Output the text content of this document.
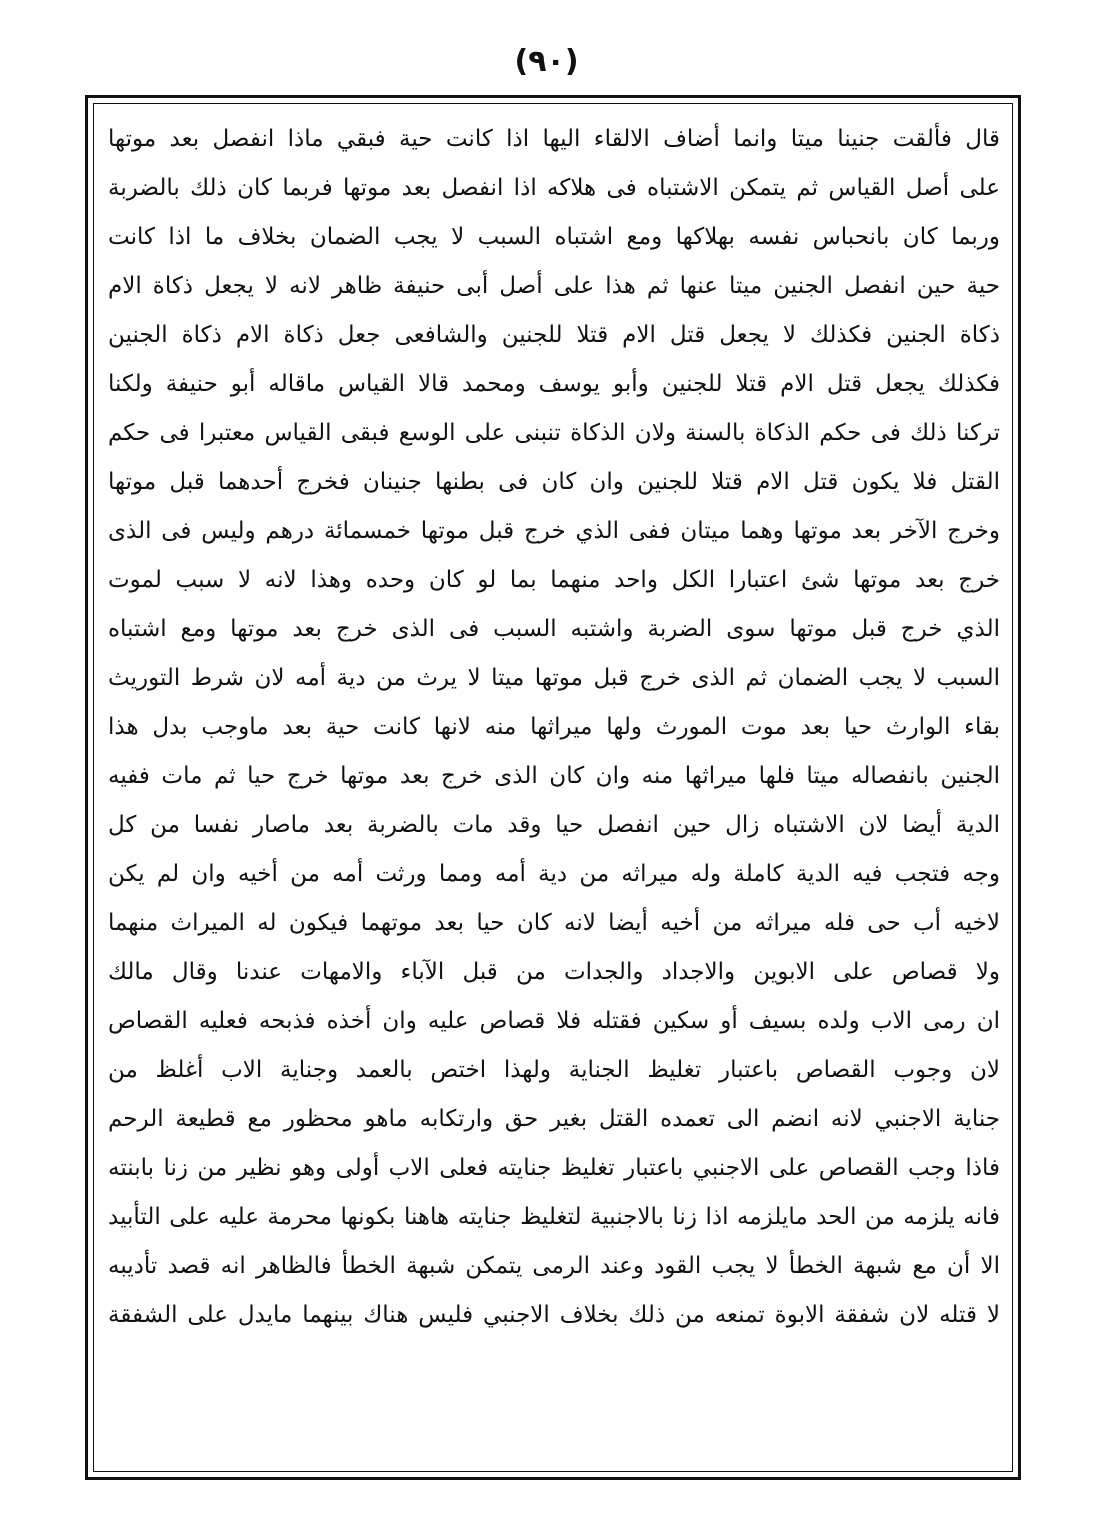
(٩٠)
قال فألقت جنينا ميتا وانما أضاف الالقاء اليها اذا كانت حية فبقي ماذا انفصل بعد موتها
على أصل القياس ثم يتمكن الاشتباه فى هلاكه اذا انفصل بعد موتها فربما كان ذلك بالضربة
وربما كان بانحباس نفسه بهلاكها ومع اشتباه السبب لا يجب الضمان بخلاف ما اذا كانت
حية حين انفصل الجنين ميتا عنها ثم هذا على أصل أبى حنيفة ظاهر لانه لا يجعل ذكاة الام
ذكاة الجنين فكذلك لا يجعل قتل الام قتلا للجنين والشافعى جعل ذكاة الام ذكاة الجنين
فكذلك يجعل قتل الام قتلا للجنين وأبو يوسف ومحمد قالا القياس ماقاله أبو حنيفة ولكنا
تركنا ذلك فى حكم الذكاة بالسنة ولان الذكاة تنبنى على الوسع فبقى القياس معتبرا فى حكم
القتل فلا يكون قتل الام قتلا للجنين وان كان فى بطنها جنينان فخرج أحدهما قبل موتها
وخرج الآخر بعد موتها وهما ميتان ففى الذي خرج قبل موتها خمسمائة درهم وليس فى الذى
خرج بعد موتها شئ اعتبارا الكل واحد منهما بما لو كان وحده وهذا لانه لا سبب لموت
الذي خرج قبل موتها سوى الضربة واشتبه السبب فى الذى خرج بعد موتها ومع اشتباه
السبب لا يجب الضمان ثم الذى خرج قبل موتها ميتا لا يرث من دية أمه لان شرط التوريث
بقاء الوارث حيا بعد موت المورث ولها ميراثها منه لانها كانت حية بعد ماوجب بدل هذا
الجنين بانفصاله ميتا فلها ميراثها منه وان كان الذى خرج بعد موتها خرج حيا ثم مات ففيه
الدية أيضا لان الاشتباه زال حين انفصل حيا وقد مات بالضربة بعد ماصار نفسا من كل
وجه فتجب فيه الدية كاملة وله ميراثه من دية أمه ومما ورثت أمه من أخيه وان لم يكن
لاخيه أب حى فله ميراثه من أخيه أيضا لانه كان حيا بعد موتهما فيكون له الميراث منهما
ولا قصاص على الابوين والاجداد والجدات من قبل الآباء والامهات عندنا وقال مالك
ان رمى الاب ولده بسيف أو سكين فقتله فلا قصاص عليه وان أخذه فذبحه فعليه القصاص
لان وجوب القصاص باعتبار تغليظ الجناية ولهذا اختص بالعمد وجناية الاب أغلظ من
جناية الاجنبي لانه انضم الى تعمده القتل بغير حق وارتكابه ماهو محظور مع قطيعة الرحم
فاذا وجب القصاص على الاجنبي باعتبار تغليظ جنايته فعلى الاب أولى وهو نظير من زنا بابنته
فانه يلزمه من الحد مايلزمه اذا زنا بالاجنبية لتغليظ جنايته هاهنا بكونها محرمة عليه على التأبيد
الا أن مع شبهة الخطأ لا يجب القود وعند الرمى يتمكن شبهة الخطأ فالظاهر انه قصد تأديبه
لا قتله لان شفقة الابوة تمنعه من ذلك بخلاف الاجنبي فليس هناك بينهما مايدل على الشفقة
